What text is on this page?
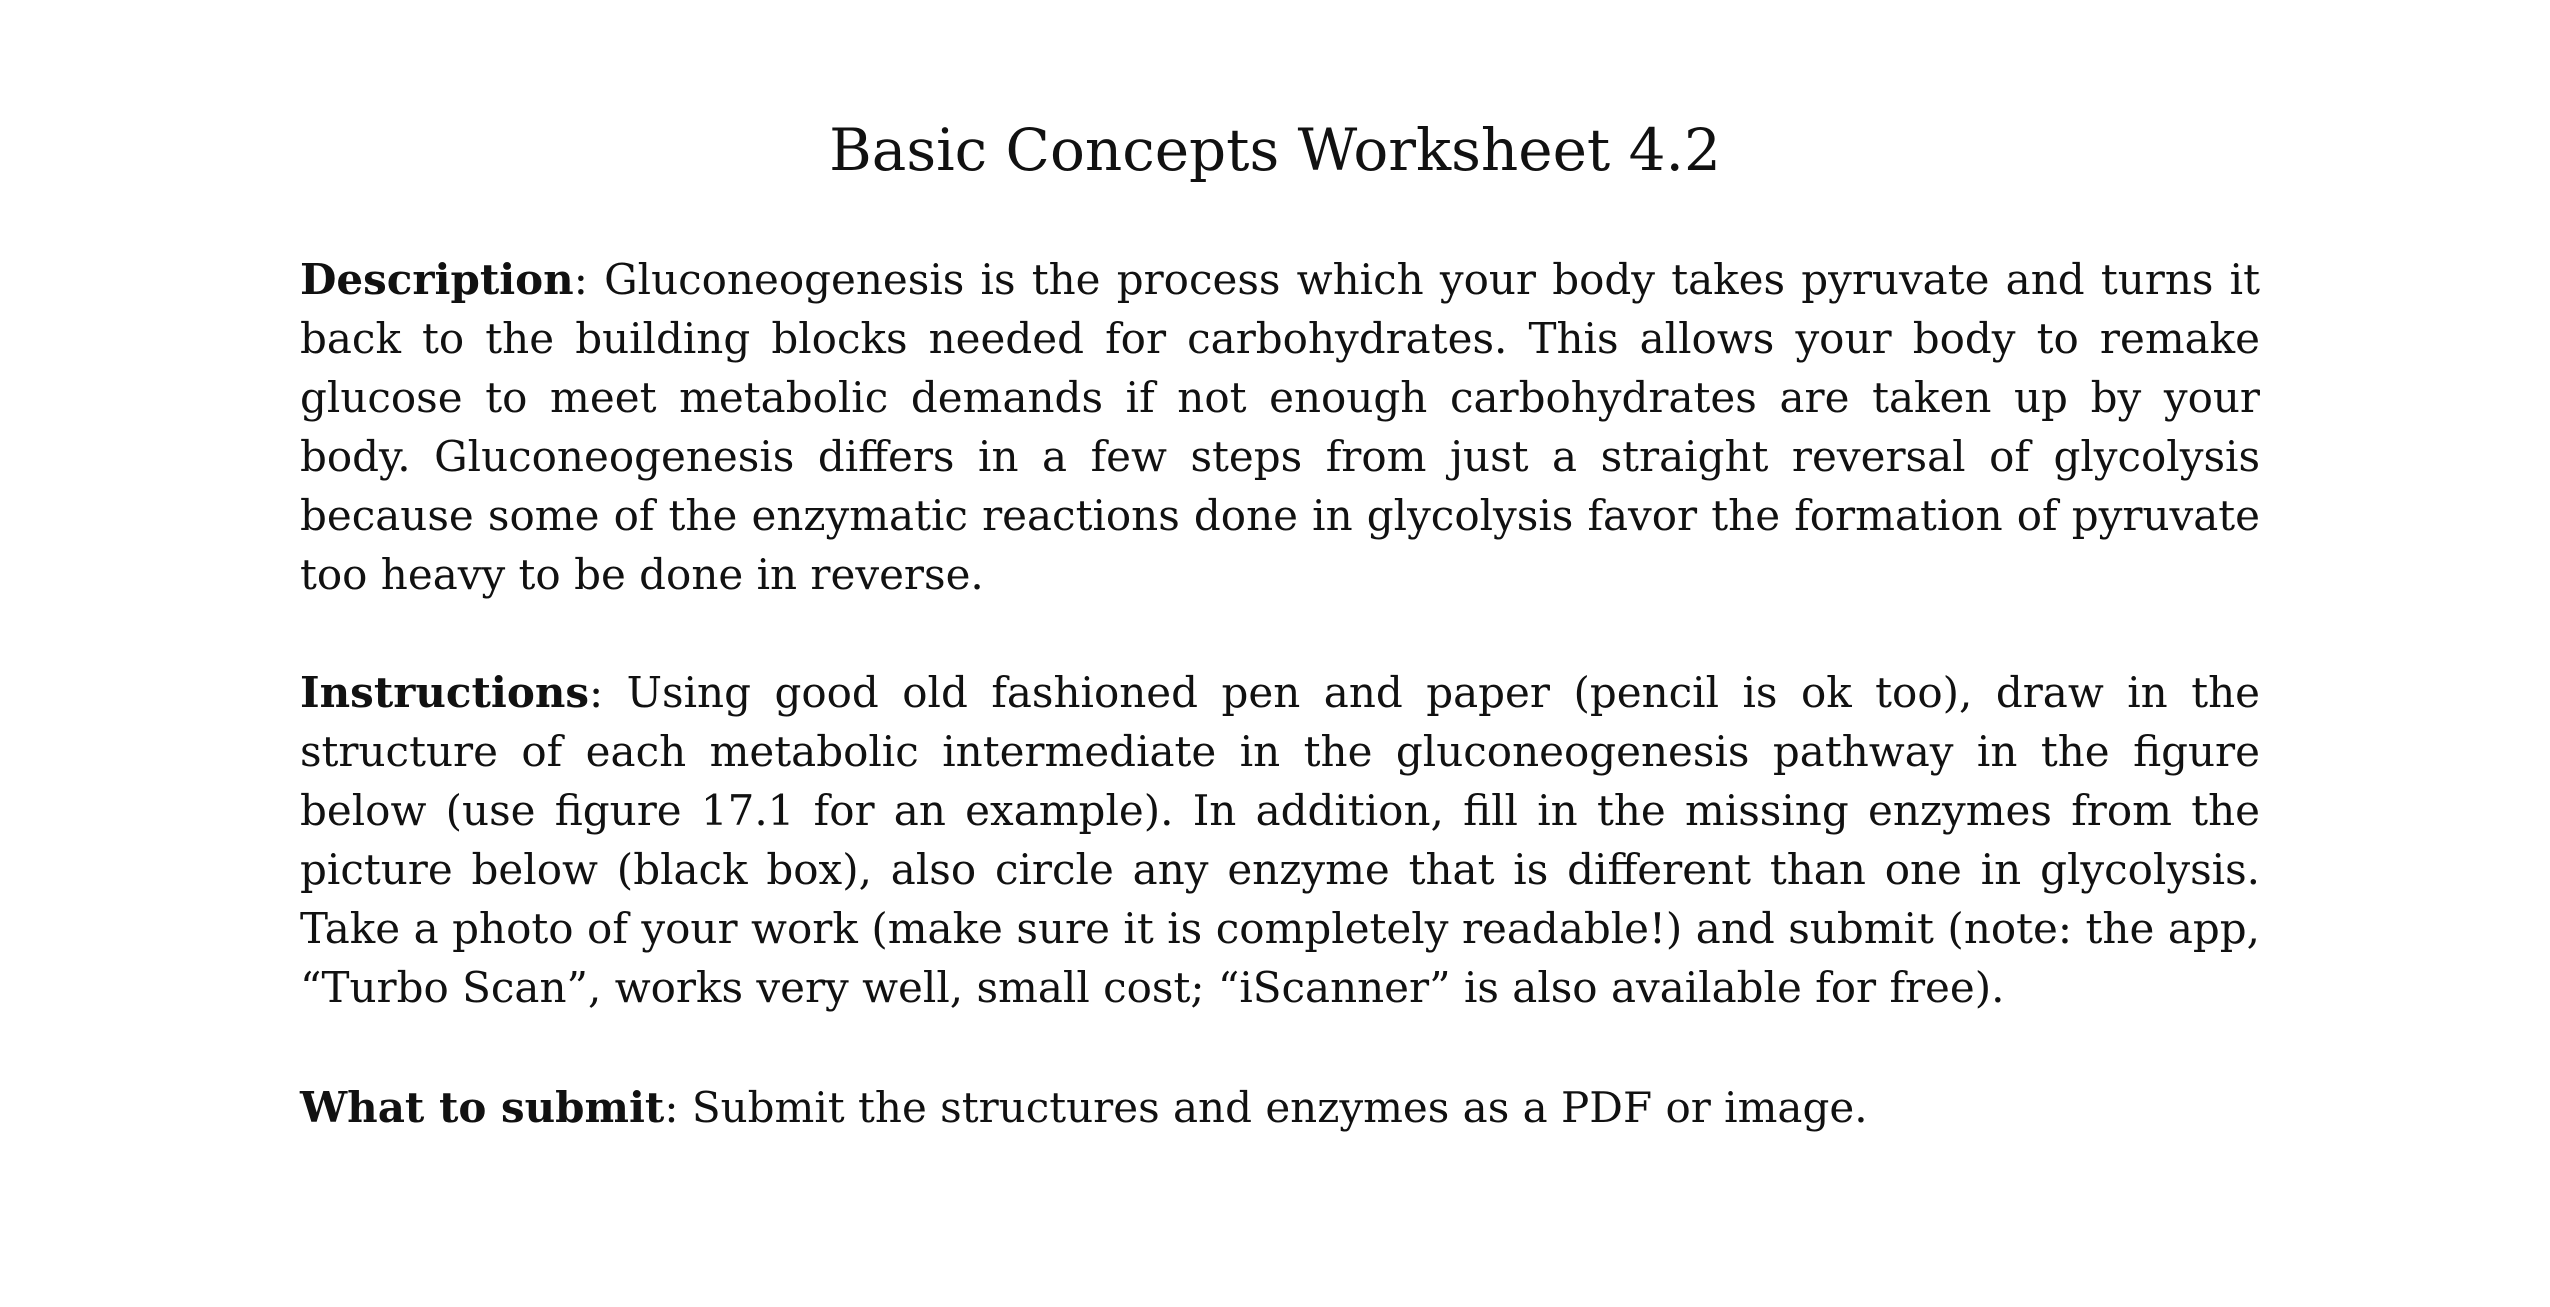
Basic Concepts Worksheet 4.2

Description: Gluconeogenesis is the process which your body takes pyruvate and turns it back to the building blocks needed for carbohydrates. This allows your body to remake glucose to meet metabolic demands if not enough carbohydrates are taken up by your body. Gluconeogenesis differs in a few steps from just a straight reversal of glycolysis because some of the enzymatic reactions done in glycolysis favor the formation of pyruvate too heavy to be done in reverse.

Instructions: Using good old fashioned pen and paper (pencil is ok too), draw in the structure of each metabolic intermediate in the gluconeogenesis pathway in the figure below (use figure 17.1 for an example). In addition, fill in the missing enzymes from the picture below (black box), also circle any enzyme that is different than one in glycolysis. Take a photo of your work (make sure it is completely readable!) and submit (note: the app, “Turbo Scan”, works very well, small cost; “iScanner” is also available for free).

What to submit: Submit the structures and enzymes as a PDF or image.
